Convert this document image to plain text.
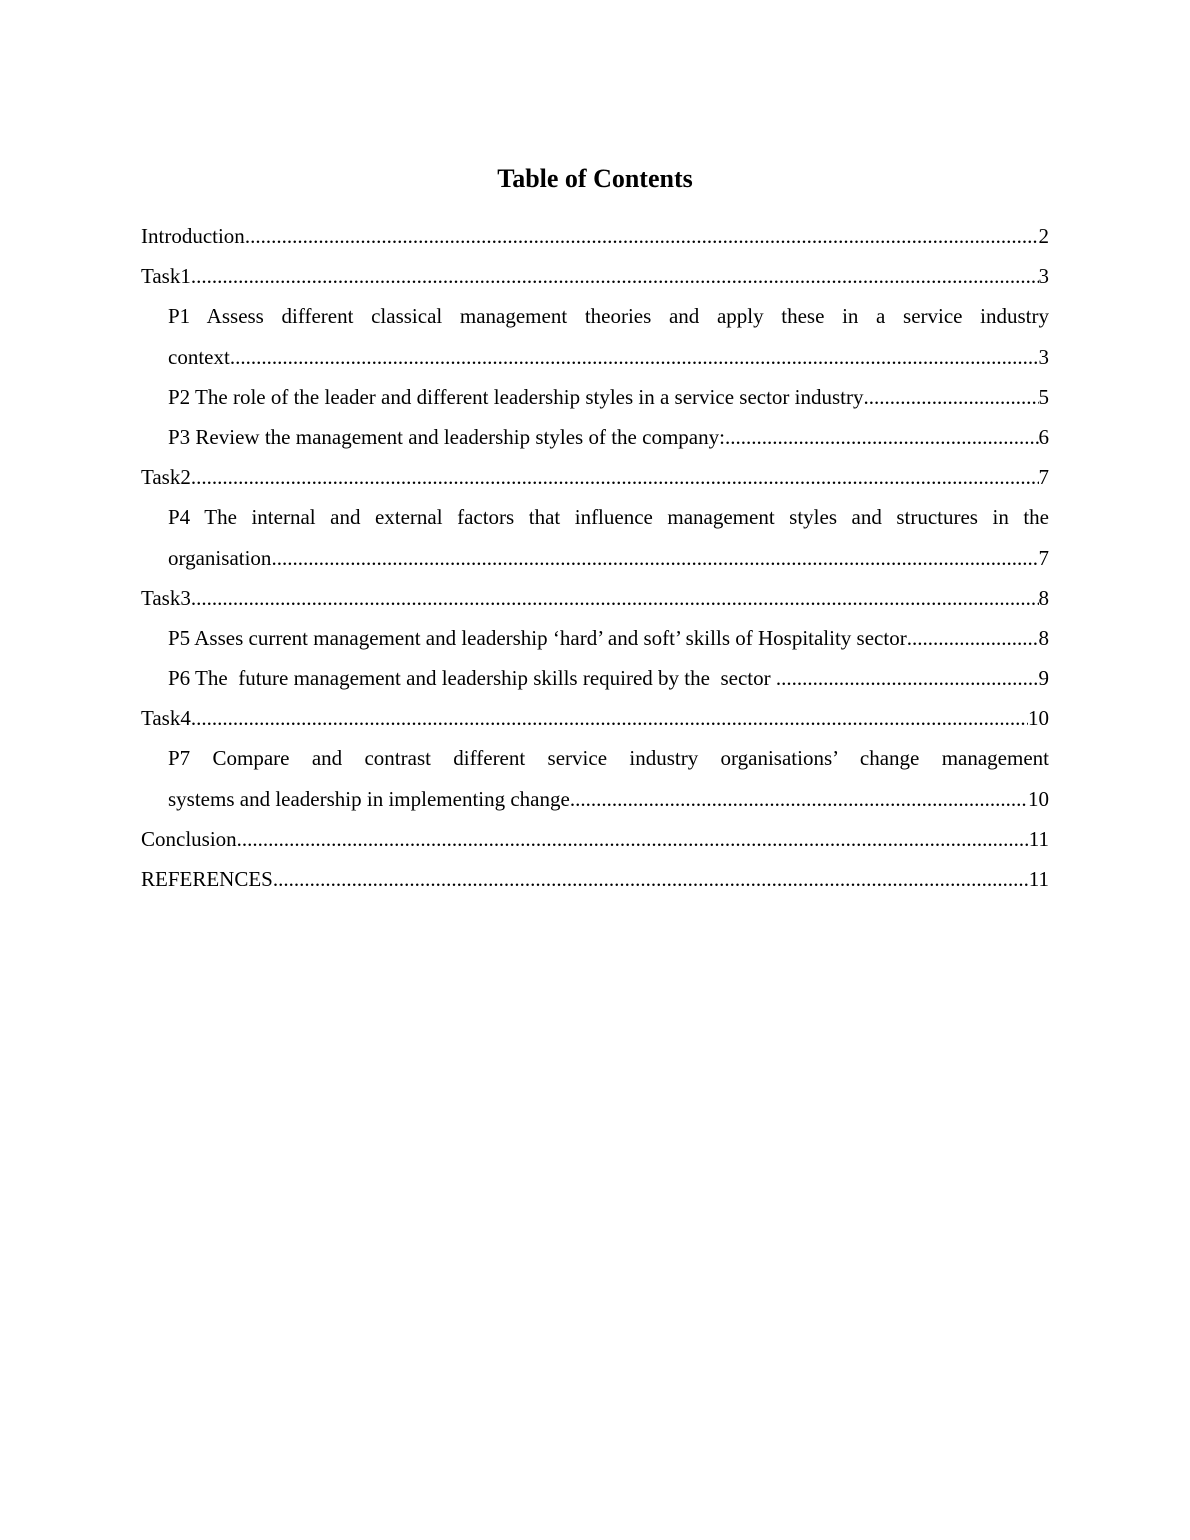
Table of Contents
Introduction .....	2
Task1 .....	3
P1 Assess different classical management theories and apply these in a service industry
context .....	3
P2 The role of the leader and different leadership styles in a service sector industry .....	5
P3 Review the management and leadership styles of the company: .....	6
Task2 .....	7
P4 The internal and external factors that influence management styles and structures in the
organisation .....	7
Task3 .....	8
P5 Asses current management and leadership ‘hard’ and soft’ skills of Hospitality sector .....	8
P6 The  future management and leadership skills required by the  sector .....	9
Task4 .....	10
P7 Compare and contrast different service industry organisations’ change management
systems and leadership in implementing change .....	10
Conclusion .....	11
REFERENCES .....	11
